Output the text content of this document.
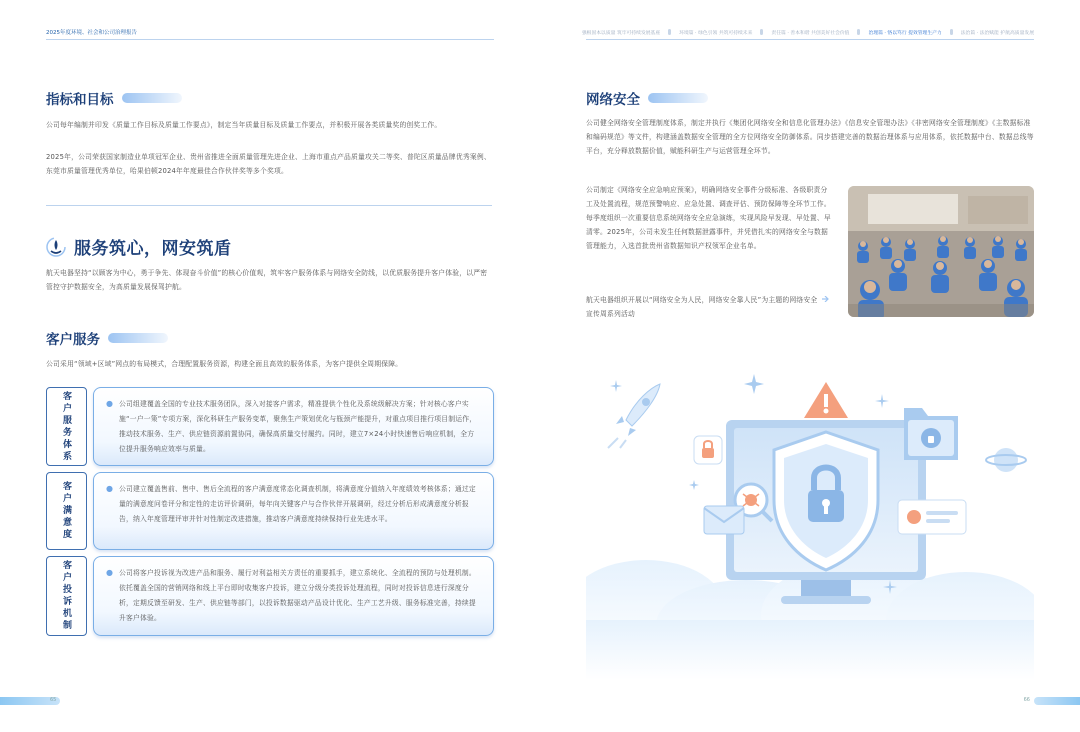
2025年度环境、社会和公司治理报告	强根固本以质量 筑牢可持续发展基座	环境篇 · 绿色引领 共筑可持续未来	责任篇 · 善本和谐 共创美好社会价值	治理篇 · 恪以笃行 提效管理生产力	法治篇 · 法治赋能 护航高质量发展
指标和目标
公司每年编制并印发《质量工作目标及质量工作要点》，制定当年质量目标及质量工作要点，并积极开展各类质量奖的创奖工作。
2025年，公司荣获国家制造业单项冠军企业、贵州省推进全面质量管理先进企业、上海市重点产品质量攻关二等奖、普陀区质量品牌优秀案例、东莞市质量管理优秀单位，哈果伯顿2024年年度最佳合作伙伴奖等多个奖项。
服务筑心，网安筑盾
航天电器坚持“以顾客为中心，勇于争先、体现奋斗价值”的核心价值观，筑牢客户服务体系与网络安全防线，以优质服务提升客户体验，以严密管控守护数据安全，为高质量发展保驾护航。
客户服务
公司采用“领域+区域”网点的布局模式，合理配置服务资源，构建全面且高效的服务体系，为客户提供全周期保障。
客户服务体系	● 公司组建覆盖全国的专业技术服务团队，深入对接客户需求，精准提供个性化及系统级解决方案；针对核心客户实施“一户一策”专项方案，深化科研生产服务变革，聚焦生产策划优化与瓶颈产能提升，对重点项目推行项目制运作，推动技术服务、生产、供应链资源前置协同，确保高质量交付履约。同时，建立7×24小时快速售后响应机制，全方位提升服务响应效率与质量。
客户满意度	● 公司建立覆盖售前、售中、售后全流程的客户满意度常态化调查机制，将满意度分值纳入年度绩效考核体系；通过定量的满意度问卷评分和定性的走访评价调研，每年向关键客户与合作伙伴开展调研，经过分析后形成满意度分析报告，纳入年度管理评审并针对性制定改进措施，推动客户满意度持续保持行业先进水平。
客户投诉机制	● 公司将客户投诉视为改进产品和服务、履行对利益相关方责任的重要抓手，建立系统化、全流程的预防与处理机制。依托覆盖全国的营销网络和线上平台即时收集客户投诉，建立分级分类投诉处理流程，同时对投诉信息进行深度分析，定期反馈至研发、生产、供应链等部门，以投诉数据驱动产品设计优化、生产工艺升级、服务标准完善，持续提升客户体验。
网络安全
公司健全网络安全管理制度体系，制定并执行《集团化网络安全和信息化管理办法》《信息安全管理办法》《非密网络安全管理制度》《主数据标准和编码规范》等文件，构建涵盖数据安全管理的全方位网络安全防御体系。同步搭建完善的数据治理体系与应用体系，依托数据中台、数据总线等平台，充分释放数据价值，赋能科研生产与运营管理全环节。
公司制定《网络安全应急响应预案》，明确网络安全事件分级标准、各级职责分工及处置流程，规范预警响应、应急处置、调查评估、预防保障等全环节工作。每季度组织一次重要信息系统网络安全应急演练，实现风险早发现、早处置、早清零。2025年，公司未发生任何数据泄露事件，并凭借扎实的网络安全与数据管理能力，入选首批贵州省数据知识产权领军企业名单。
航天电器组织开展以“网络安全为人民，网络安全靠人民”为主题的网络安全宣传周系列活动
65	66
